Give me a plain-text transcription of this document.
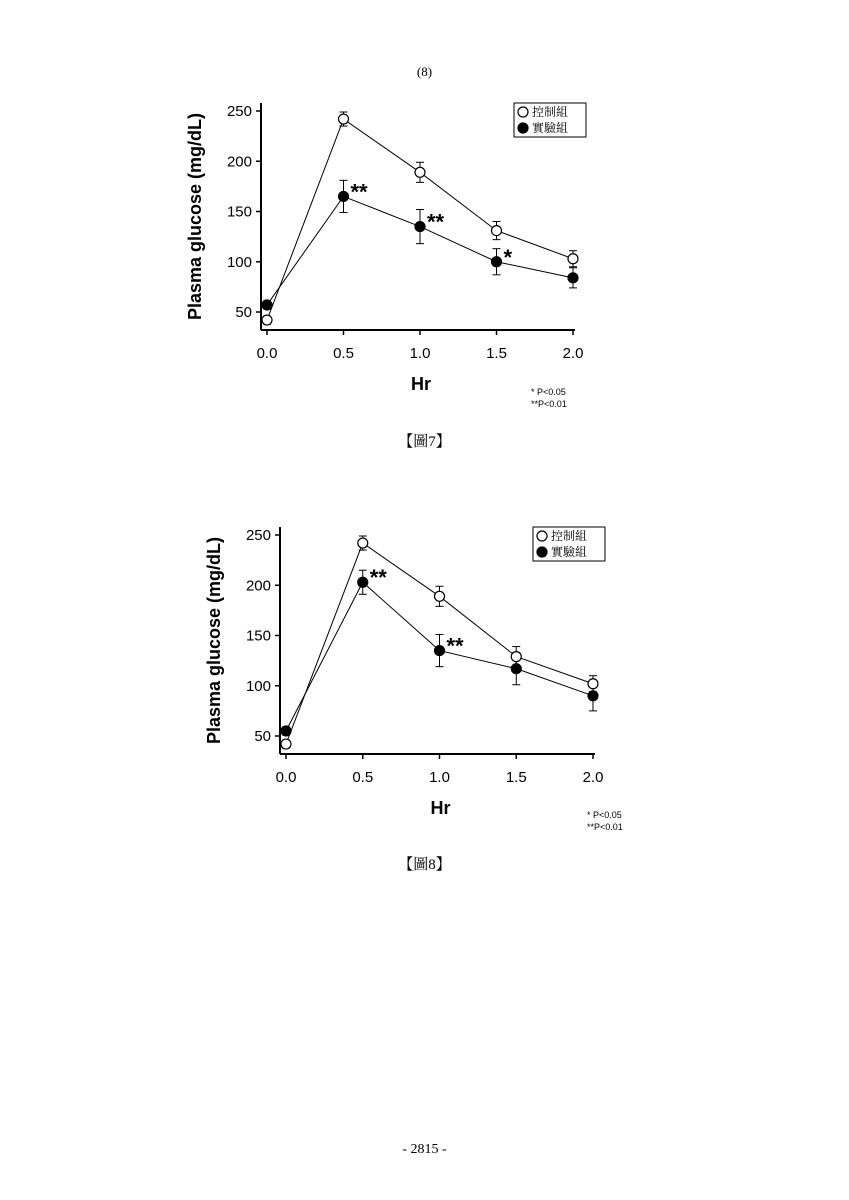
(8)
50
100
150
200
250
0.0	0.5	1.0	1.5	2.0
Hr
Plasma glucose (mg/dL)	**
**
*
控制組
實驗組
* P<0.05
**P<0.01
【圖7】
50
100
150
200
250
0.0	0.5	1.0	1.5	2.0
Hr
Plasma glucose (mg/dL)	**
**
控制組
實驗組
* P<0.05
**P<0.01
【圖8】
- 2815 -
